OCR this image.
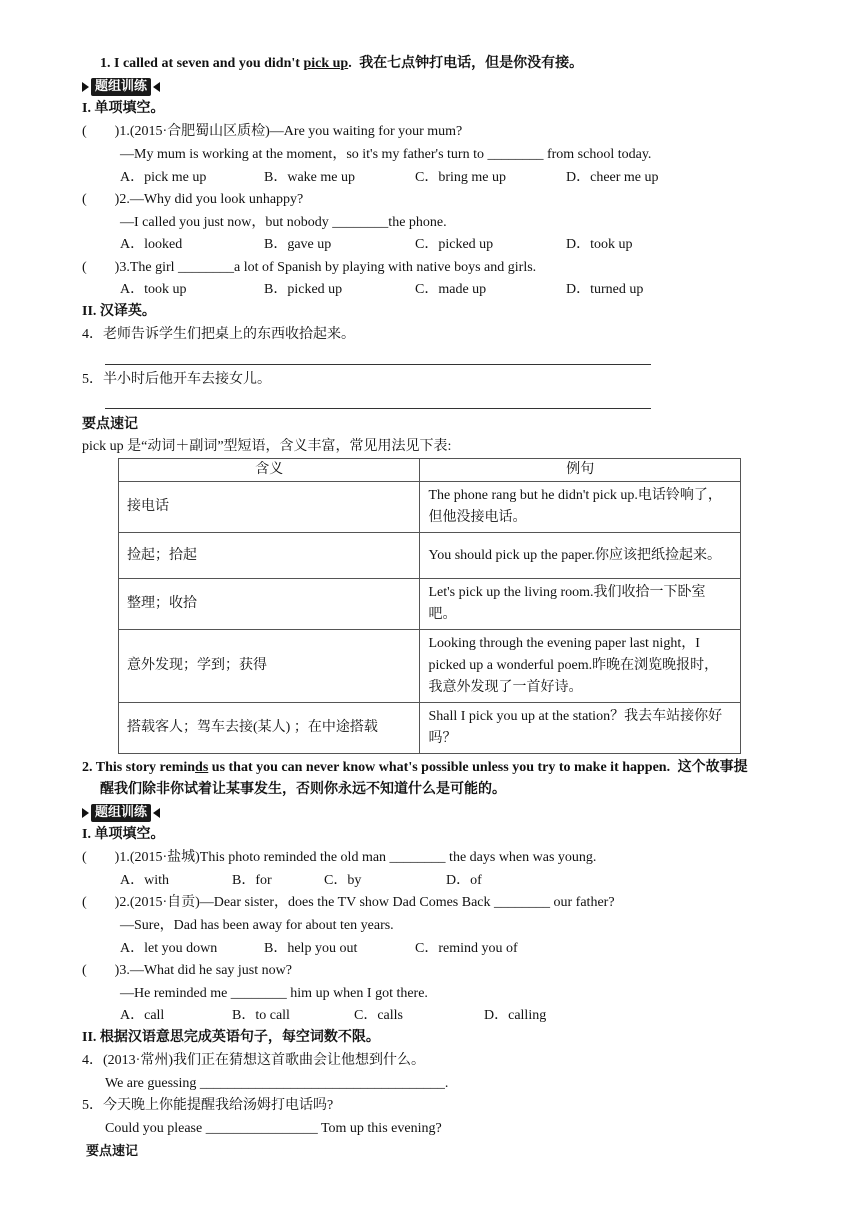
1. I called at seven and you didn't pick up. 我在七点钟打电话，但是你没有接。
题组训练
I. 单项填空。
(　　)1.(2015·合肥蜀山区质检)—Are you waiting for your mum?
—My mum is working at the moment，so it's my father's turn to ________ from school today.
A．pick me up	B．wake me up	C．bring me up	D．cheer me up
(　　)2.—Why did you look unhappy?
—I called you just now，but nobody ________the phone.
A．looked	B．gave up	C．picked up	D．took up
(　　)3.The girl ________a lot of Spanish by playing with native boys and girls.
A．took up	B．picked up	C．made up	D．turned up
II. 汉译英。
4．老师告诉学生们把桌上的东西收拾起来。
5．半小时后他开车去接女儿。
要点速记
pick up 是“动词＋副词”型短语，含义丰富，常见用法见下表:
含义	例句
接电话	The phone rang but he didn't pick up.电话铃响了，但他没接电话。
捡起；拾起	You should pick up the paper.你应该把纸捡起来。
整理；收拾	Let's pick up the living room.我们收拾一下卧室吧。
意外发现；学到；获得	Looking through the evening paper last night，I picked up a wonderful poem.昨晚在浏览晚报时，我意外发现了一首好诗。
搭载客人；驾车去接(某人) ；在中途搭载	Shall I pick you up at the station？我去车站接你好吗？
2. This story reminds us that you can never know what's possible unless you try to make it happen. 这个故事提
醒我们除非你试着让某事发生，否则你永远不知道什么是可能的。
题组训练
I. 单项填空。
(　　)1.(2015·盐城)This photo reminded the old man ________ the days when was young.
A．with	B．for	C．by	D．of
(　　)2.(2015·自贡)—Dear sister，does the TV show Dad Comes Back ________ our father?
—Sure，Dad has been away for about ten years.
A．let you down	B．help you out	C．remind you of
(　　)3.—What did he say just now?
—He reminded me ________ him up when I got there.
A．call	B．to call	C．calls	D．calling
II. 根据汉语意思完成英语句子，每空词数不限。
4．(2013·常州)我们正在猜想这首歌曲会让他想到什么。
We are guessing ___________________________________.
5．今天晚上你能提醒我给汤姆打电话吗?
Could you please ________________ Tom up this evening?
要点速记
